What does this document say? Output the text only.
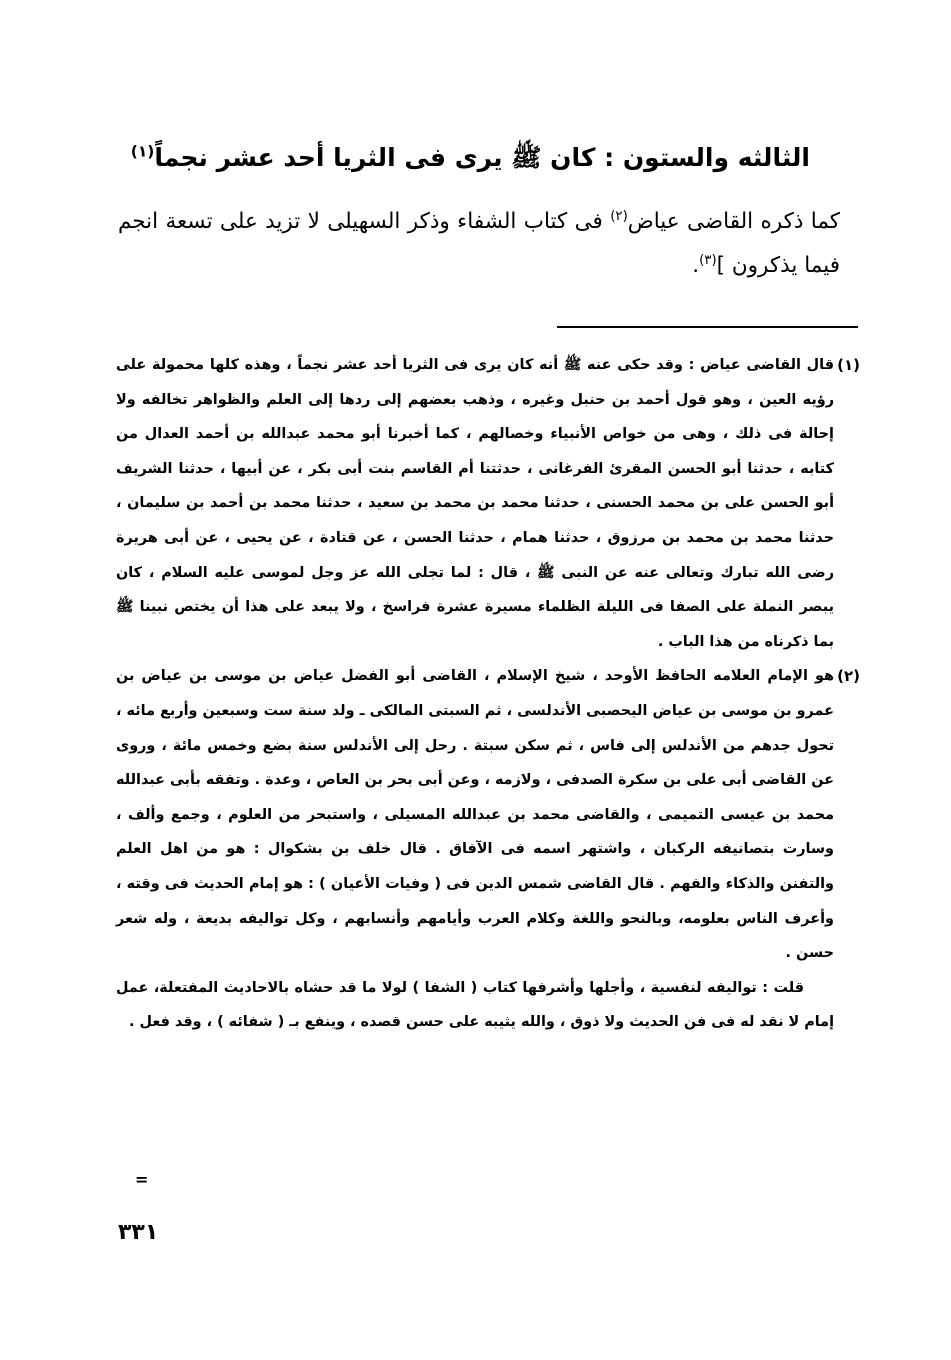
الثالثه والستون : كان ﷺ يرى فى الثريا أحد عشر نجماً$^{(١)}$
كما ذكره القاضى عياض$^{(٢)}$ فى كتاب الشفاء وذكر السهيلى لا تزيد على تسعة انجم فيما يذكرون ]$^{(٣)}$.
(١)
قال القاضى عياض : وقد حكى عنه ﷺ أنه كان يرى فى الثريا أحد عشر نجماً ، وهذه كلها محمولة على رؤيه العين ، وهو قول أحمد بن حنبل وغيره ، وذهب بعضهم إلى ردها إلى العلم والظواهر تخالفه ولا إحالة فى ذلك ، وهى من خواص الأنبياء وخصالهم ، كما أخبرنا أبو محمد عبدالله بن أحمد العدال من كتابه ، حدثنا أبو الحسن المقرئ الفرغانى ، حدثتنا أم القاسم بنت أبى بكر ، عن أبيها ، حدثنا الشريف أبو الحسن على بن محمد الحسنى ، حدثنا محمد بن محمد بن سعيد ، حدثنا محمد بن أحمد بن سليمان ، حدثنا محمد بن محمد بن مرزوق ، حدثنا همام ، حدثنا الحسن ، عن قتادة ، عن يحيى ، عن أبى هريرة رضى الله تبارك وتعالى عنه عن النبى ﷺ ، قال : لما تجلى الله عز وجل لموسى عليه السلام ، كان يبصر النملة على الصفا فى الليلة الظلماء مسيرة عشرة فراسخ ، ولا يبعد على هذا أن يختص نبينا ﷺ بما ذكرناه من هذا الباب .
(٢)
هو الإمام العلامه الحافظ الأوحد ، شيخ الإسلام ، القاضى أبو الفضل عياض بن موسى بن عياض بن عمرو بن موسى بن عياض اليحصبى الأندلسى ، ثم السبتى المالكى ـ ولد سنة ست وسبعين وأربع مائه ، تحول جدهم من الأندلس إلى فاس ، ثم سكن سبتة . رحل إلى الأندلس سنة بضع وخمس مائة ، وروى عن القاضى أبى على بن سكرة الصدفى ، ولازمه ، وعن أبى بحر بن العاص ، وعدة . وتفقه بأبى عبدالله محمد بن عيسى التميمى ، والقاضى محمد بن عبدالله المسيلى ، واستبحر من العلوم ، وجمع وألف ، وسارت بتصانيفه الركبان ، واشتهر اسمه فى الآفاق . قال خلف بن بشكوال : هو من اهل العلم والتفنن والذكاء والفهم . قال القاضى شمس الدين فى ( وفيات الأعيان ) : هو إمام الحديث فى وقته ، وأعرف الناس بعلومه، وبالنحو واللغة وكلام العرب وأيامهم وأنسابهم ، وكل تواليفه بديعة ، وله شعر حسن .
قلت : تواليفه لنفسية ، وأجلها وأشرفها كتاب ( الشفا ) لولا ما قد حشاه بالاحاديث المفتعلة، عمل إمام لا نقد له فى فن الحديث ولا ذوق ، والله يثيبه على حسن قصده ، وينفع بـ ( شفائه ) ، وقد فعل .
=
٣٣١
